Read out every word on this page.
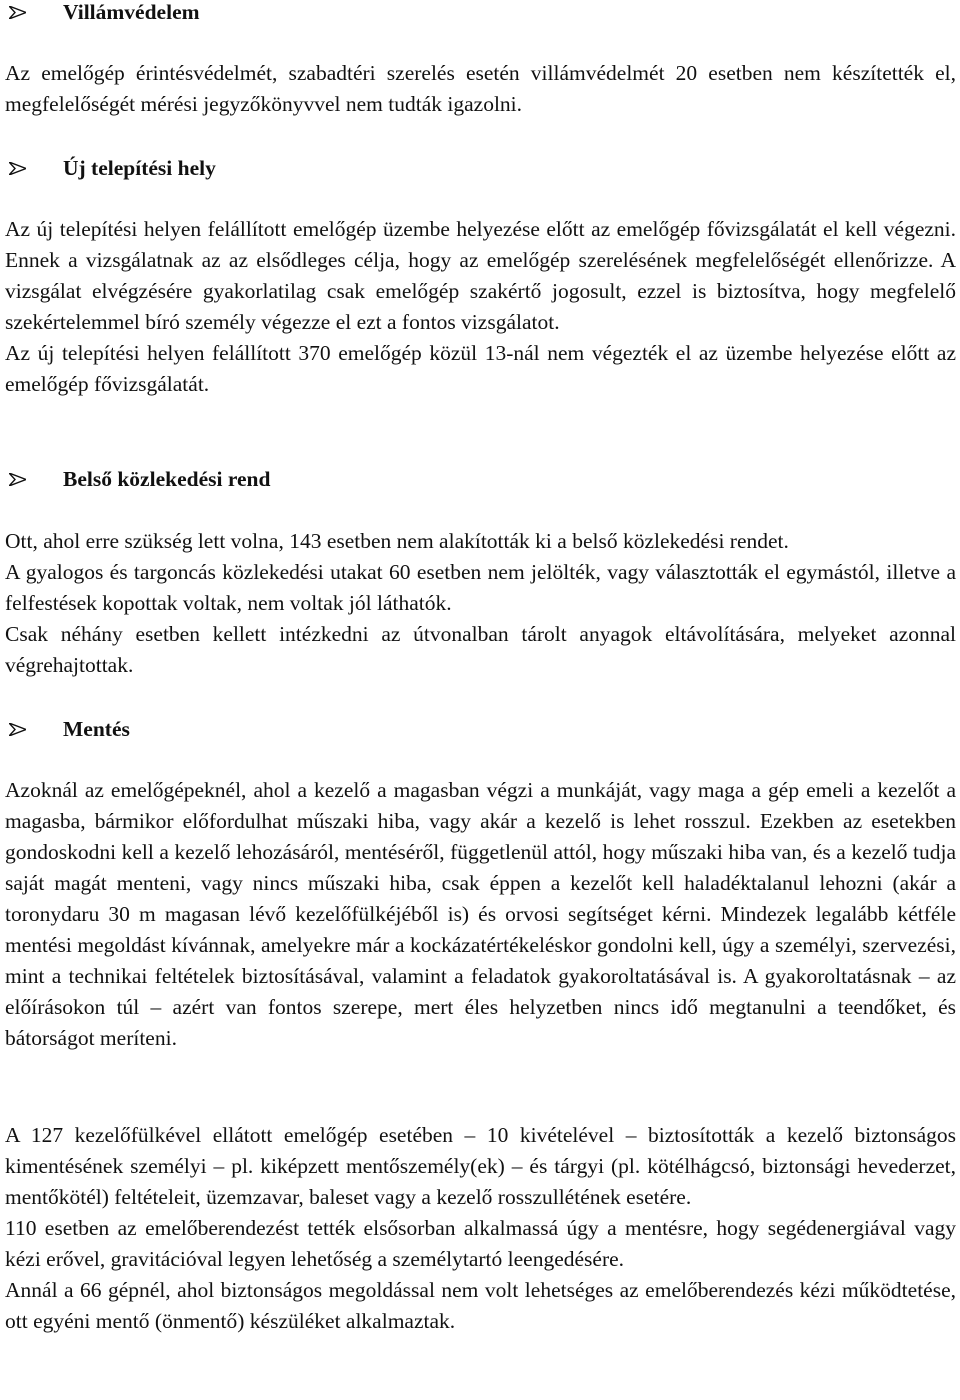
Villámvédelem

Az emelőgép érintésvédelmét, szabadtéri szerelés esetén villámvédelmét 20 esetben nem készítették el, megfelelőségét mérési jegyzőkönyvvel nem tudták igazolni.

Új telepítési hely

Az új telepítési helyen felállított emelőgép üzembe helyezése előtt az emelőgép fővizsgálatát el kell végezni. Ennek a vizsgálatnak az az elsődleges célja, hogy az emelőgép szerelésének megfelelőségét ellenőrizze. A vizsgálat elvégzésére gyakorlatilag csak emelőgép szakértő jogosult, ezzel is biztosítva, hogy megfelelő szekértelemmel bíró személy végezze el ezt a fontos vizsgálatot.

Az új telepítési helyen felállított 370 emelőgép közül 13-nál nem végezték el az üzembe helyezése előtt az emelőgép fővizsgálatát.

Belső közlekedési rend

Ott, ahol erre szükség lett volna, 143 esetben nem alakították ki a belső közlekedési rendet.

A gyalogos és targoncás közlekedési utakat 60 esetben nem jelölték, vagy választották el egymástól, illetve a felfestések kopottak voltak, nem voltak jól láthatók.

Csak néhány esetben kellett intézkedni az útvonalban tárolt anyagok eltávolítására, melyeket azonnal végrehajtottak.

Mentés

Azoknál az emelőgépeknél, ahol a kezelő a magasban végzi a munkáját, vagy maga a gép emeli a kezelőt a magasba, bármikor előfordulhat műszaki hiba, vagy akár a kezelő is lehet rosszul. Ezekben az esetekben gondoskodni kell a kezelő lehozásáról, mentéséről, függetlenül attól, hogy műszaki hiba van, és a kezelő tudja saját magát menteni, vagy nincs műszaki hiba, csak éppen a kezelőt kell haladéktalanul lehozni (akár a toronydaru 30 m magasan lévő kezelőfülkéjéből is) és orvosi segítséget kérni. Mindezek legalább kétféle mentési megoldást kívánnak, amelyekre már a kockázatértékeléskor gondolni kell, úgy a személyi, szervezési, mint a technikai feltételek biztosításával, valamint a feladatok gyakoroltatásával is. A gyakoroltatásnak – az előírásokon túl – azért van fontos szerepe, mert éles helyzetben nincs idő megtanulni a teendőket, és bátorságot meríteni.

A 127 kezelőfülkével ellátott emelőgép esetében – 10 kivételével – biztosították a kezelő biztonságos kimentésének személyi – pl. kiképzett mentőszemély(ek) – és tárgyi (pl. kötélhágcsó, biztonsági hevederzet, mentőkötél) feltételeit, üzemzavar, baleset vagy a kezelő rosszullétének esetére.

110 esetben az emelőberendezést tették elsősorban alkalmassá úgy a mentésre, hogy segédenergiával vagy kézi erővel, gravitációval legyen lehetőség a személytartó leengedésére.

Annál a 66 gépnél, ahol biztonságos megoldással nem volt lehetséges az emelőberendezés kézi működtetése, ott egyéni mentő (önmentő) készüléket alkalmaztak.
